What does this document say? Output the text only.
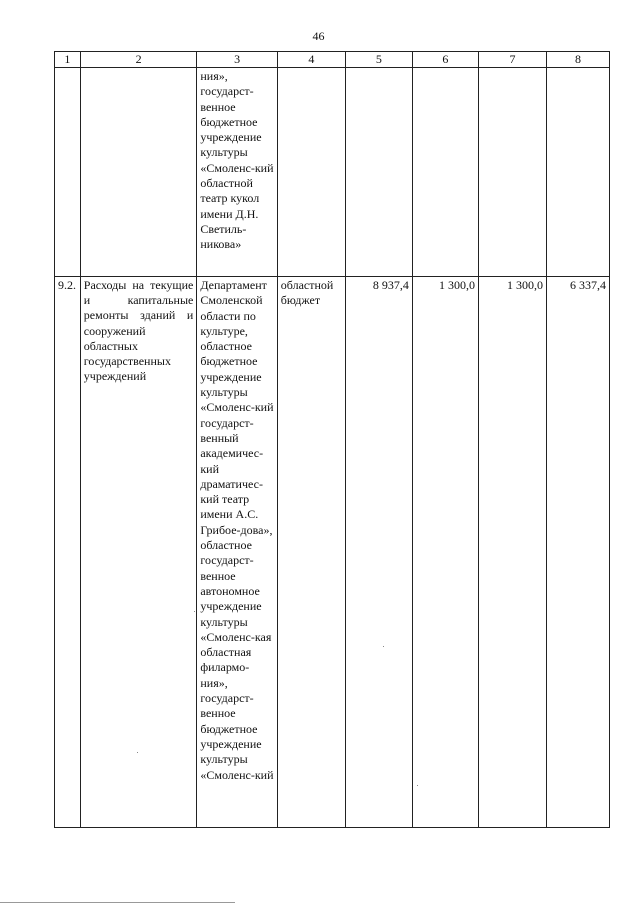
46
1	2	3	4	5	6	7	8
		ния», государст-венное бюджетное учреждение культуры «Смоленс-кий областной театр кукол имени Д.Н. Светиль-никова»					
9.2.	Расходы на текущие и капитальные ремонты зданий и сооружений областных государственных учреждений	Департамент Смоленской области по культуре, областное бюджетное учреждение культуры «Смоленс-кий государст-венный академичес-кий драматичес-кий театр имени А.С. Грибое-дова», областное государст-венное автономное учреждение культуры «Смоленс-кая областная филармо-ния», государст-венное бюджетное учреждение культуры «Смоленс-кий	областной бюджет	8 937,4	1 300,0	1 300,0	6 337,4
